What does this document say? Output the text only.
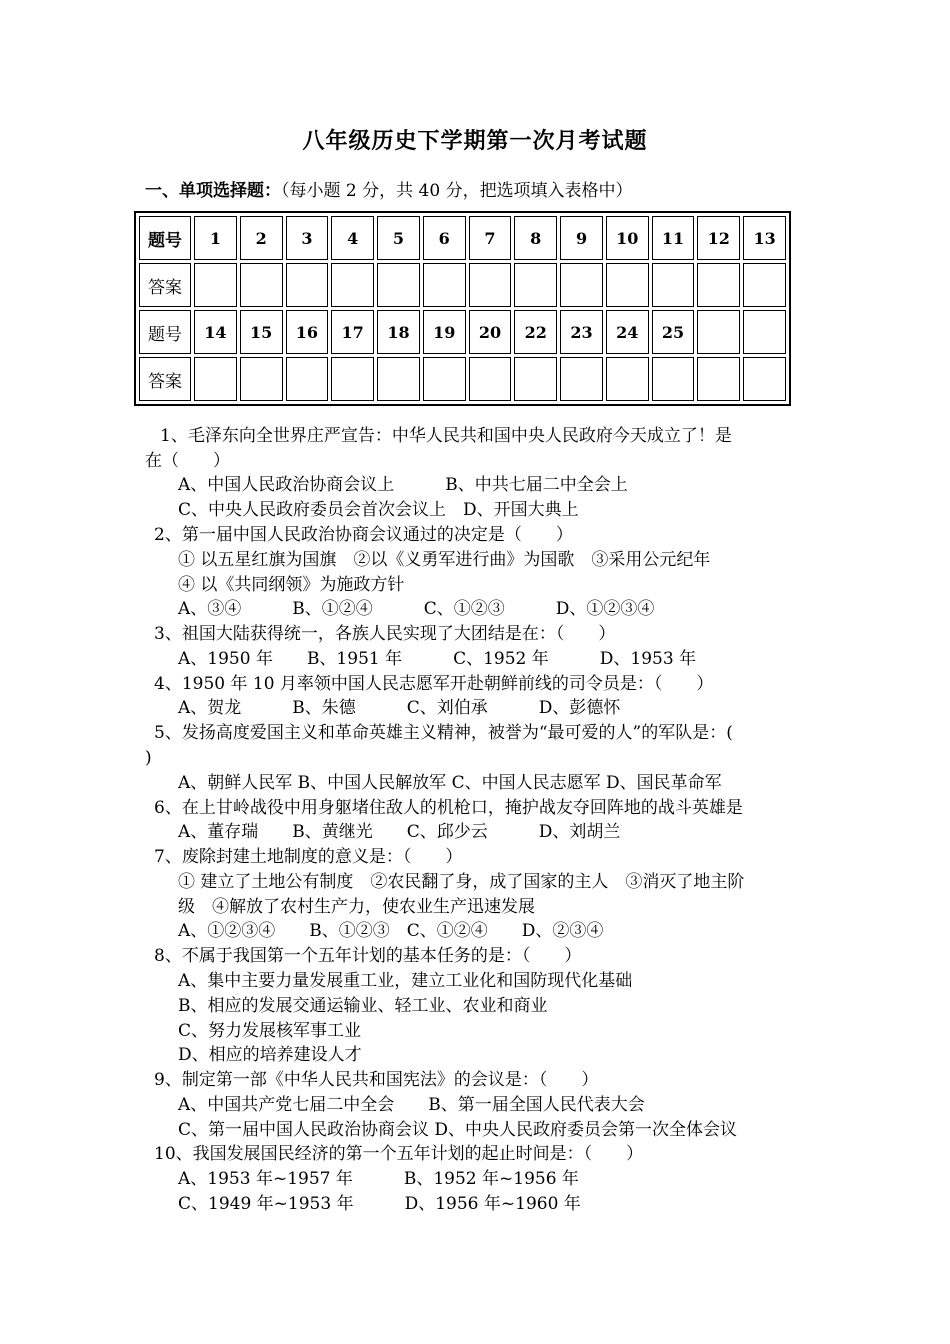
八年级历史下学期第一次月考试题
一、单项选择题：（每小题 2 分，共 40 分，把选项填入表格中）
题号	1	2	3	4	5	6	7	8	9	10	11	12	13
答案													
题号	14	15	16	17	18	19	20	22	23	24	25		
答案													
1、毛泽东向全世界庄严宣告：中华人民共和国中央人民政府今天成立了！是
在（　　）
A、中国人民政治协商会议上　　　B、中共七届二中全会上
C、中央人民政府委员会首次会议上　D、开国大典上
2、第一届中国人民政治协商会议通过的决定是（　　）
① 以五星红旗为国旗　②以《义勇军进行曲》为国歌　③采用公元纪年
④ 以《共同纲领》为施政方针
A、③④　　　B、①②④　　　C、①②③　　　D、①②③④
3、祖国大陆获得统一，各族人民实现了大团结是在：（　　）
A、1950 年　　B、1951 年　　　C、1952 年　　　D、1953 年
4、1950 年 10 月率领中国人民志愿军开赴朝鲜前线的司令员是：（　　）
A、贺龙　　　B、朱德　　　C、刘伯承　　　D、彭德怀
5、发扬高度爱国主义和革命英雄主义精神，被誉为“最可爱的人”的军队是：(
)
A、朝鲜人民军 B、中国人民解放军 C、中国人民志愿军 D、国民革命军
6、在上甘岭战役中用身躯堵住敌人的机枪口，掩护战友夺回阵地的战斗英雄是
A、董存瑞　　B、黄继光　　C、邱少云　　　D、刘胡兰
7、废除封建土地制度的意义是：（　　）
① 建立了土地公有制度　②农民翻了身，成了国家的主人　③消灭了地主阶
级　④解放了农村生产力，使农业生产迅速发展
A、①②③④　　B、①②③　C、①②④　　D、②③④
8、不属于我国第一个五年计划的基本任务的是：（　　）
A、集中主要力量发展重工业，建立工业化和国防现代化基础
B、相应的发展交通运输业、轻工业、农业和商业
C、努力发展核军事工业
D、相应的培养建设人才
9、制定第一部《中华人民共和国宪法》的会议是：（　　）
A、中国共产党七届二中全会　　B、第一届全国人民代表大会
C、第一届中国人民政治协商会议 D、中央人民政府委员会第一次全体会议
10、我国发展国民经济的第一个五年计划的起止时间是：（　　）
A、1953 年~1957 年　　　B、1952 年~1956 年
C、1949 年~1953 年　　　D、1956 年~1960 年
